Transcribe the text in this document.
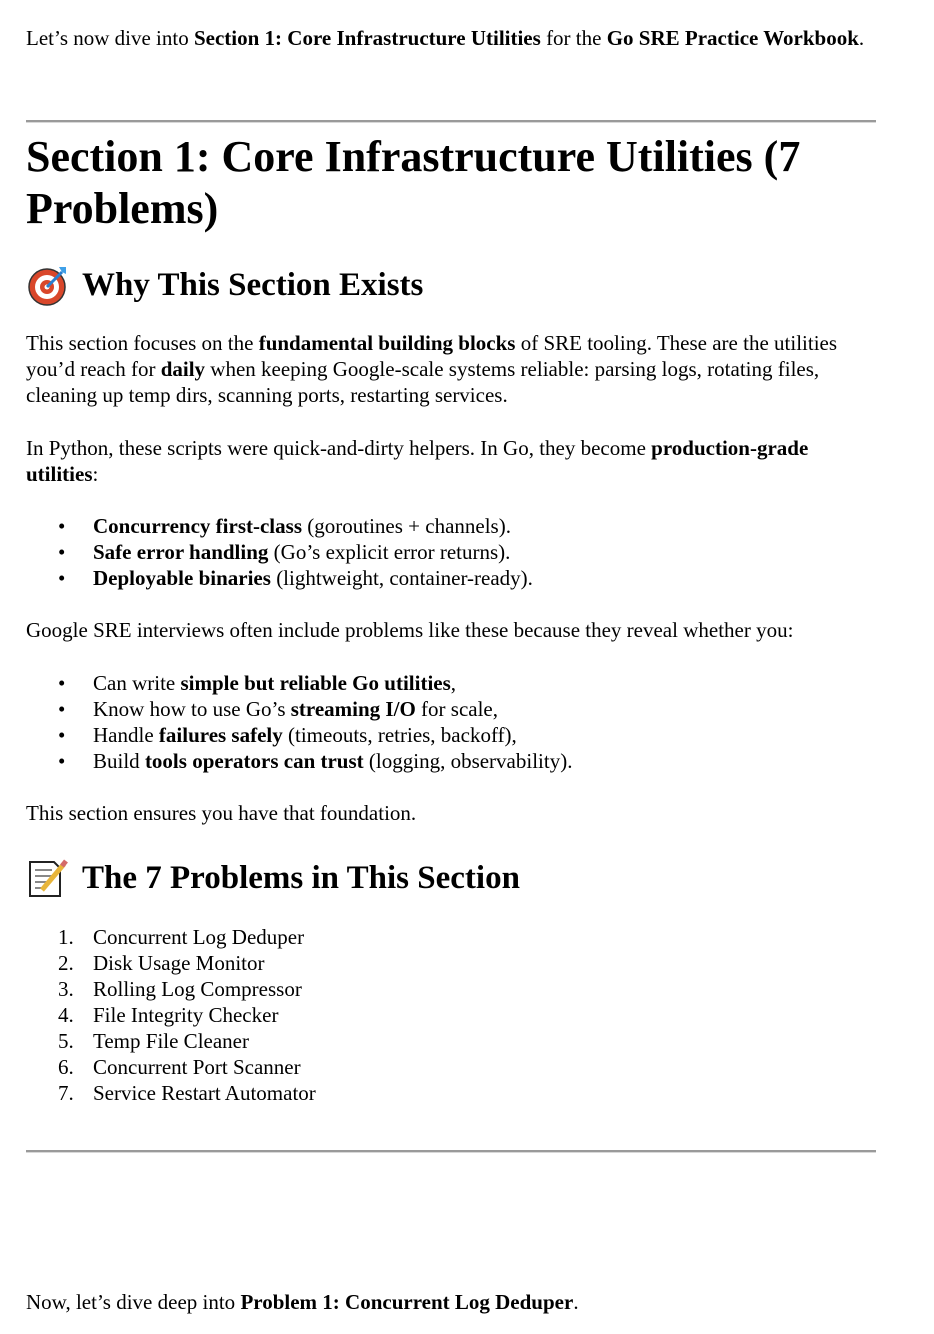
Let’s now dive into Section 1: Core Infrastructure Utilities for the Go SRE Practice Workbook.

Section 1: Core Infrastructure Utilities (7 Problems)
Why This Section Exists

This section focuses on the fundamental building blocks of SRE tooling. These are the utilities you’d reach for daily when keeping Google-scale systems reliable: parsing logs, rotating files, cleaning up temp dirs, scanning ports, restarting services.

In Python, these scripts were quick-and-dirty helpers. In Go, they become production-grade utilities:

• Concurrency first-class (goroutines + channels).
• Safe error handling (Go’s explicit error returns).
• Deployable binaries (lightweight, container-ready).

Google SRE interviews often include problems like these because they reveal whether you:

• Can write simple but reliable Go utilities,
• Know how to use Go’s streaming I/O for scale,
• Handle failures safely (timeouts, retries, backoff),
• Build tools operators can trust (logging, observability).

This section ensures you have that foundation.

The 7 Problems in This Section
1. Concurrent Log Deduper
2. Disk Usage Monitor
3. Rolling Log Compressor
4. File Integrity Checker
5. Temp File Cleaner
6. Concurrent Port Scanner
7. Service Restart Automator

Now, let’s dive deep into Problem 1: Concurrent Log Deduper.
